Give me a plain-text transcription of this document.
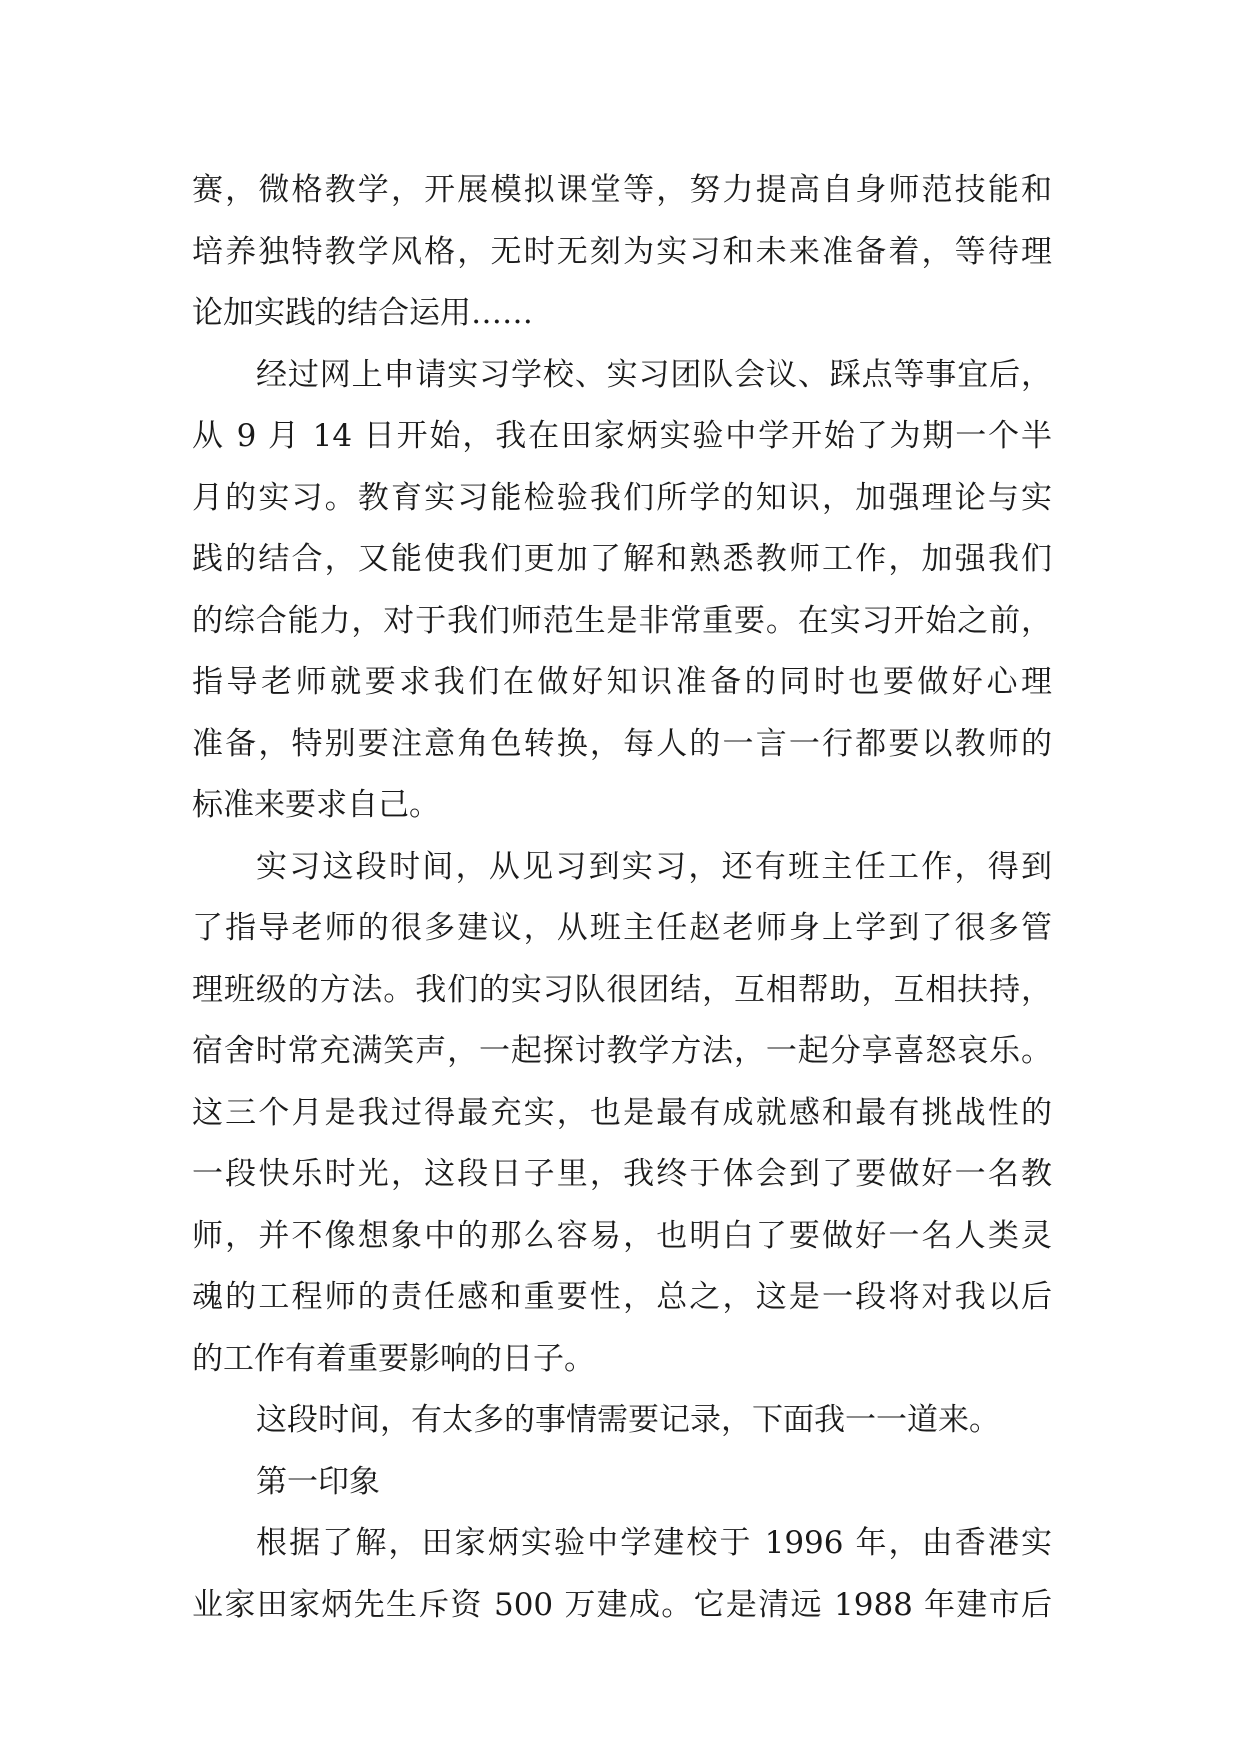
赛，微格教学，开展模拟课堂等，努力提高自身师范技能和
培养独特教学风格，无时无刻为实习和未来准备着，等待理
论加实践的结合运用……
经过网上申请实习学校、实习团队会议、踩点等事宜后，
从 9 月 14 日开始，我在田家炳实验中学开始了为期一个半
月的实习。教育实习能检验我们所学的知识，加强理论与实
践的结合，又能使我们更加了解和熟悉教师工作，加强我们
的综合能力，对于我们师范生是非常重要。在实习开始之前，
指导老师就要求我们在做好知识准备的同时也要做好心理
准备，特别要注意角色转换，每人的一言一行都要以教师的
标准来要求自己。
实习这段时间，从见习到实习，还有班主任工作，得到
了指导老师的很多建议，从班主任赵老师身上学到了很多管
理班级的方法。我们的实习队很团结，互相帮助，互相扶持，
宿舍时常充满笑声，一起探讨教学方法，一起分享喜怒哀乐。
这三个月是我过得最充实，也是最有成就感和最有挑战性的
一段快乐时光，这段日子里，我终于体会到了要做好一名教
师，并不像想象中的那么容易，也明白了要做好一名人类灵
魂的工程师的责任感和重要性，总之，这是一段将对我以后
的工作有着重要影响的日子。
这段时间，有太多的事情需要记录，下面我一一道来。
第一印象
根据了解，田家炳实验中学建校于 1996 年，由香港实
业家田家炳先生斥资 500 万建成。它是清远 1988 年建市后
